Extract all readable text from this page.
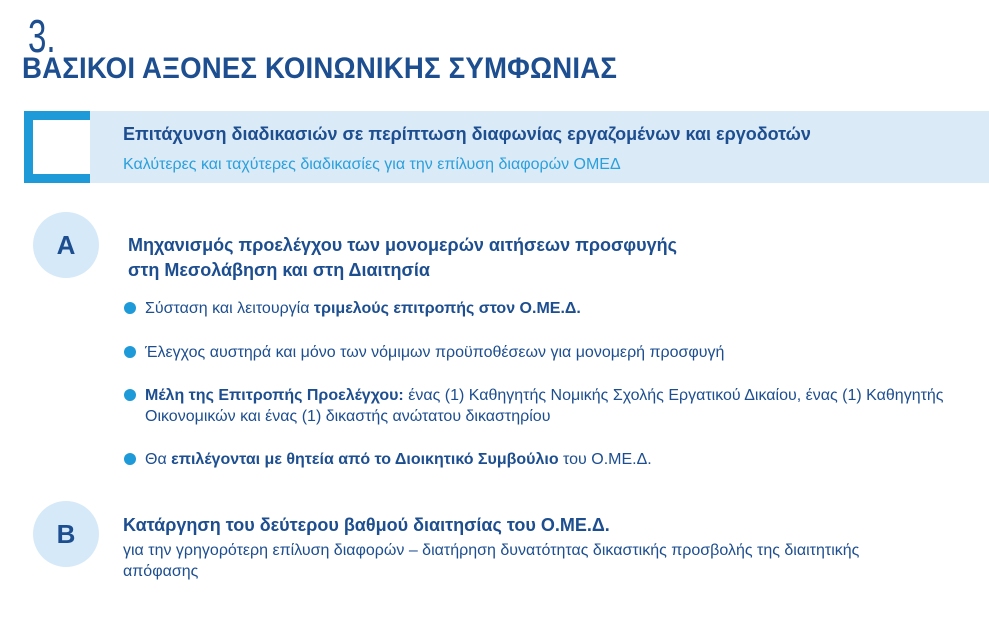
ΒΑΣΙΚΟΙ ΑΞΟΝΕΣ ΚΟΙΝΩΝΙΚΗΣ ΣΥΜΦΩΝΙΑΣ
3.
Επιτάχυνση διαδικασιών σε περίπτωση διαφωνίας εργαζομένων και εργοδοτών
Καλύτερες και ταχύτερες διαδικασίες για την επίλυση διαφορών ΟΜΕΔ
A	Μηχανισμός προελέγχου των μονομερών αιτήσεων προσφυγής
στη Μεσολάβηση και στη Διαιτησία
Σύσταση και λειτουργία τριμελούς επιτροπής στον Ο.ΜΕ.Δ.
Έλεγχος αυστηρά και μόνο των νόμιμων προϋποθέσεων για μονομερή προσφυγή
Μέλη της Επιτροπής Προελέγχου: ένας (1) Καθηγητής Νομικής Σχολής Εργατικού Δικαίου, ένας (1) Καθηγητής Οικονομικών και ένας (1) δικαστής ανώτατου δικαστηρίου
Θα επιλέγονται με θητεία από το Διοικητικό Συμβούλιο του Ο.ΜΕ.Δ.
B	Κατάργηση του δεύτερου βαθμού διαιτησίας του Ο.ΜΕ.Δ.
για την γρηγορότερη επίλυση διαφορών – διατήρηση δυνατότητας δικαστικής προσβολής της διαιτητικής απόφασης
